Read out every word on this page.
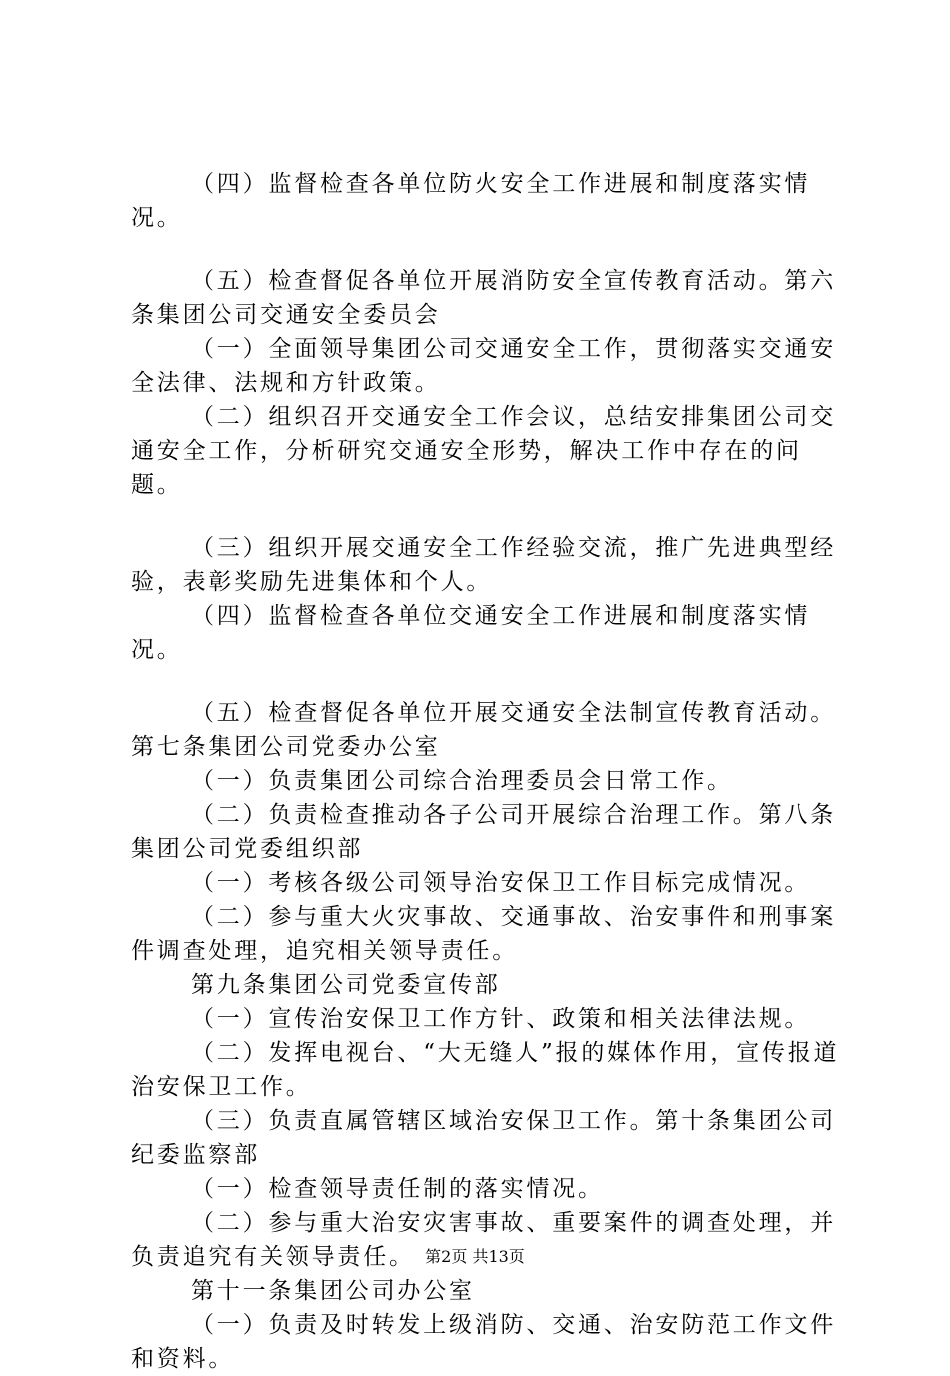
（四）监督检查各单位防火安全工作进展和制度落实情况。

（五）检查督促各单位开展消防安全宣传教育活动。第六条集团公司交通安全委员会

（一）全面领导集团公司交通安全工作，贯彻落实交通安全法律、法规和方针政策。

（二）组织召开交通安全工作会议，总结安排集团公司交通安全工作，分析研究交通安全形势，解决工作中存在的问题。

（三）组织开展交通安全工作经验交流，推广先进典型经验，表彰奖励先进集体和个人。

（四）监督检查各单位交通安全工作进展和制度落实情况。

（五）检查督促各单位开展交通安全法制宣传教育活动。第七条集团公司党委办公室

（一）负责集团公司综合治理委员会日常工作。

（二）负责检查推动各子公司开展综合治理工作。第八条集团公司党委组织部

（一）考核各级公司领导治安保卫工作目标完成情况。

（二）参与重大火灾事故、交通事故、治安事件和刑事案件调查处理，追究相关领导责任。

第九条集团公司党委宣传部

（一）宣传治安保卫工作方针、政策和相关法律法规。

（二）发挥电视台、“大无缝人”报的媒体作用，宣传报道治安保卫工作。

（三）负责直属管辖区域治安保卫工作。第十条集团公司纪委监察部

（一）检查领导责任制的落实情况。

（二）参与重大治安灾害事故、重要案件的调查处理，并负责追究有关领导责任。

第十一条集团公司办公室

（一）负责及时转发上级消防、交通、治安防范工作文件和资料。

第2页 共13页
